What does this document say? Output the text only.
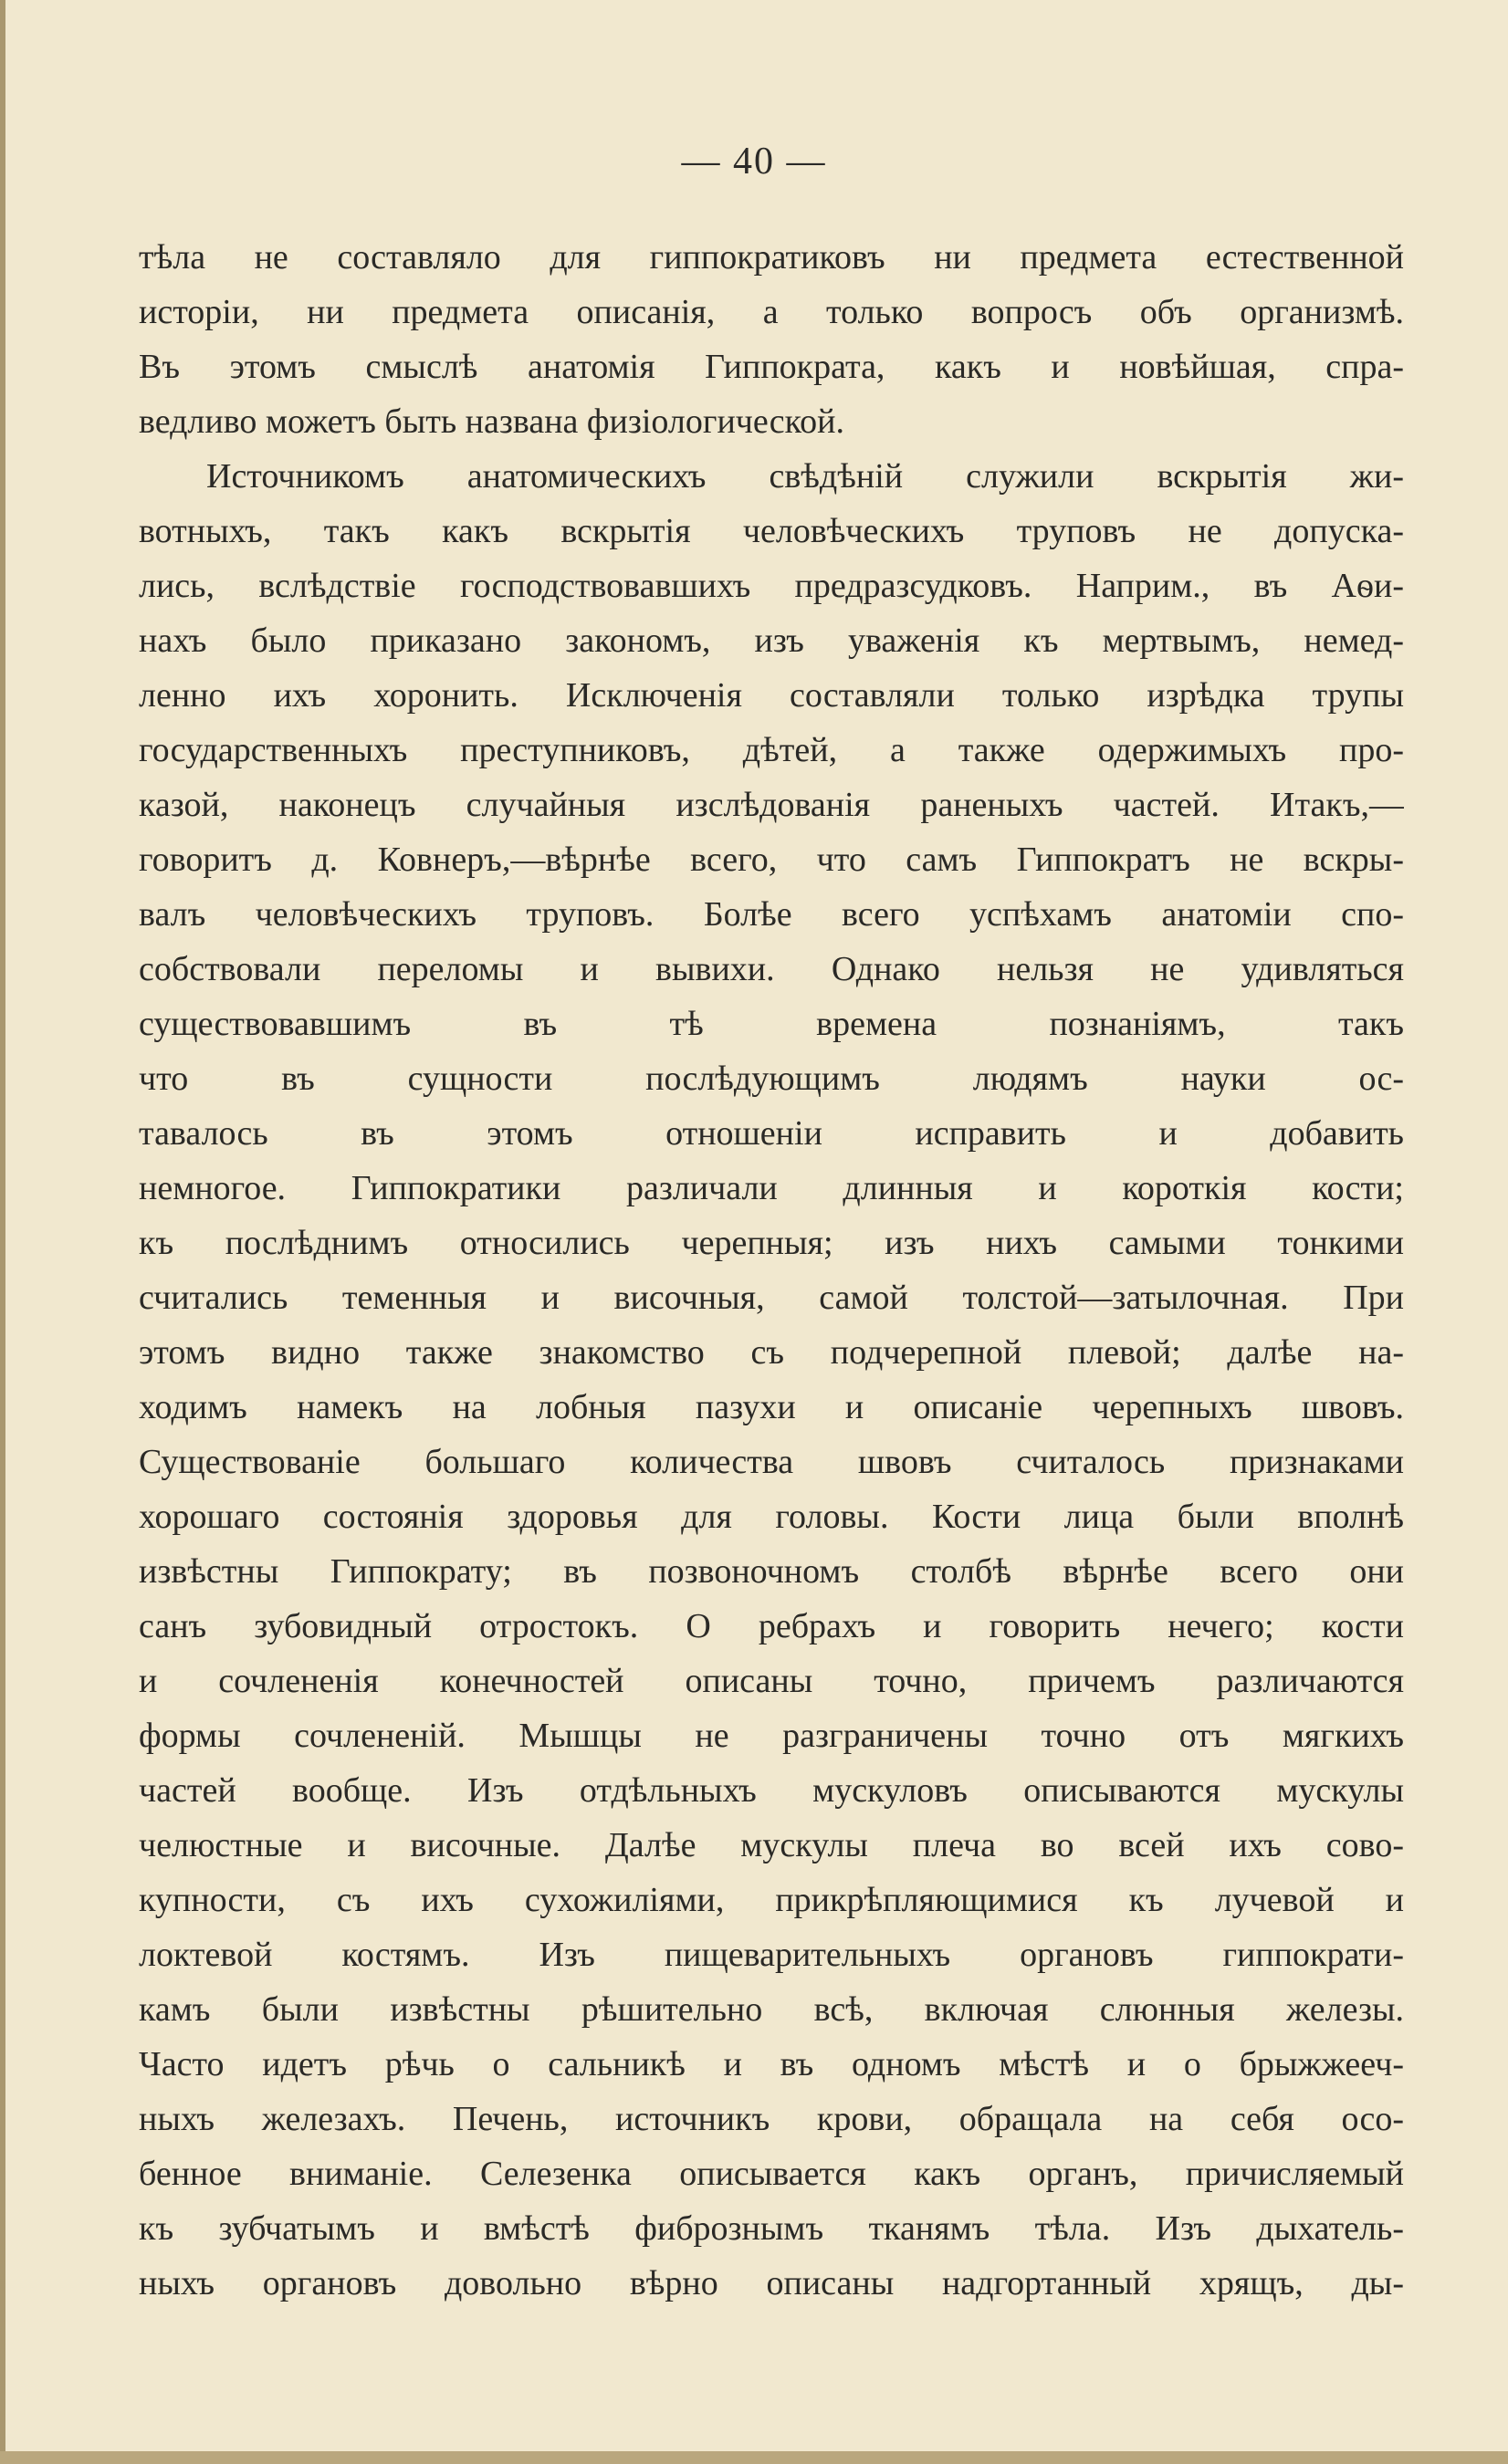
— 40 —
тѣла не составляло для гиппократиковъ ни предмета естественной
исторіи, ни предмета описанія, а только вопросъ объ организмѣ.
Въ этомъ смыслѣ анатомія Гиппократа, какъ и новѣйшая, спра-
ведливо можетъ быть названа физіологической.
Источникомъ анатомическихъ свѣдѣній служили вскрытія жи-
вотныхъ, такъ какъ вскрытія человѣческихъ труповъ не допуска-
лись, вслѣдствіе господствовавшихъ предразсудковъ. Наприм., въ Аѳи-
нахъ было приказано закономъ, изъ уваженія къ мертвымъ, немед-
ленно ихъ хоронить. Исключенія составляли только изрѣдка трупы
государственныхъ преступниковъ, дѣтей, а также одержимыхъ про-
казой, наконецъ случайныя изслѣдованія раненыхъ частей. Итакъ,—
говоритъ д. Ковнеръ,—вѣрнѣе всего, что самъ Гиппократъ не вскры-
валъ человѣческихъ труповъ. Болѣе всего успѣхамъ анатоміи спо-
собствовали переломы и вывихи. Однако нельзя не удивляться
существовавшимъ въ тѣ времена познаніямъ, такъ
что въ сущности послѣдующимъ людямъ науки ос-
тавалось въ этомъ отношеніи исправить и добавить
немногое. Гиппократики различали длинныя и короткія кости;
къ послѣднимъ относились черепныя; изъ нихъ самыми тонкими
считались теменныя и височныя, самой толстой—затылочная. При
этомъ видно также знакомство съ подчерепной плевой; далѣе на-
ходимъ намекъ на лобныя пазухи и описаніе черепныхъ швовъ.
Существованіе большаго количества швовъ считалось признаками
хорошаго состоянія здоровья для головы. Кости лица были вполнѣ
извѣстны Гиппократу; въ позвоночномъ столбѣ вѣрнѣе всего они
санъ зубовидный отростокъ. О ребрахъ и говорить нечего; кости
и сочлененія конечностей описаны точно, причемъ различаются
формы сочлененій. Мышцы не разграничены точно отъ мягкихъ
частей вообще. Изъ отдѣльныхъ мускуловъ описываются мускулы
челюстные и височные. Далѣе мускулы плеча во всей ихъ сово-
купности, съ ихъ сухожиліями, прикрѣпляющимися къ лучевой и
локтевой костямъ. Изъ пищеварительныхъ органовъ гиппократи-
камъ были извѣстны рѣшительно всѣ, включая слюнныя железы.
Часто идетъ рѣчь о сальникѣ и въ одномъ мѣстѣ и о брыжжееч-
ныхъ железахъ. Печень, источникъ крови, обращала на себя осо-
бенное вниманіе. Селезенка описывается какъ органъ, причисляемый
къ зубчатымъ и вмѣстѣ фибрознымъ тканямъ тѣла. Изъ дыхатель-
ныхъ органовъ довольно вѣрно описаны надгортанный хрящъ, ды-
